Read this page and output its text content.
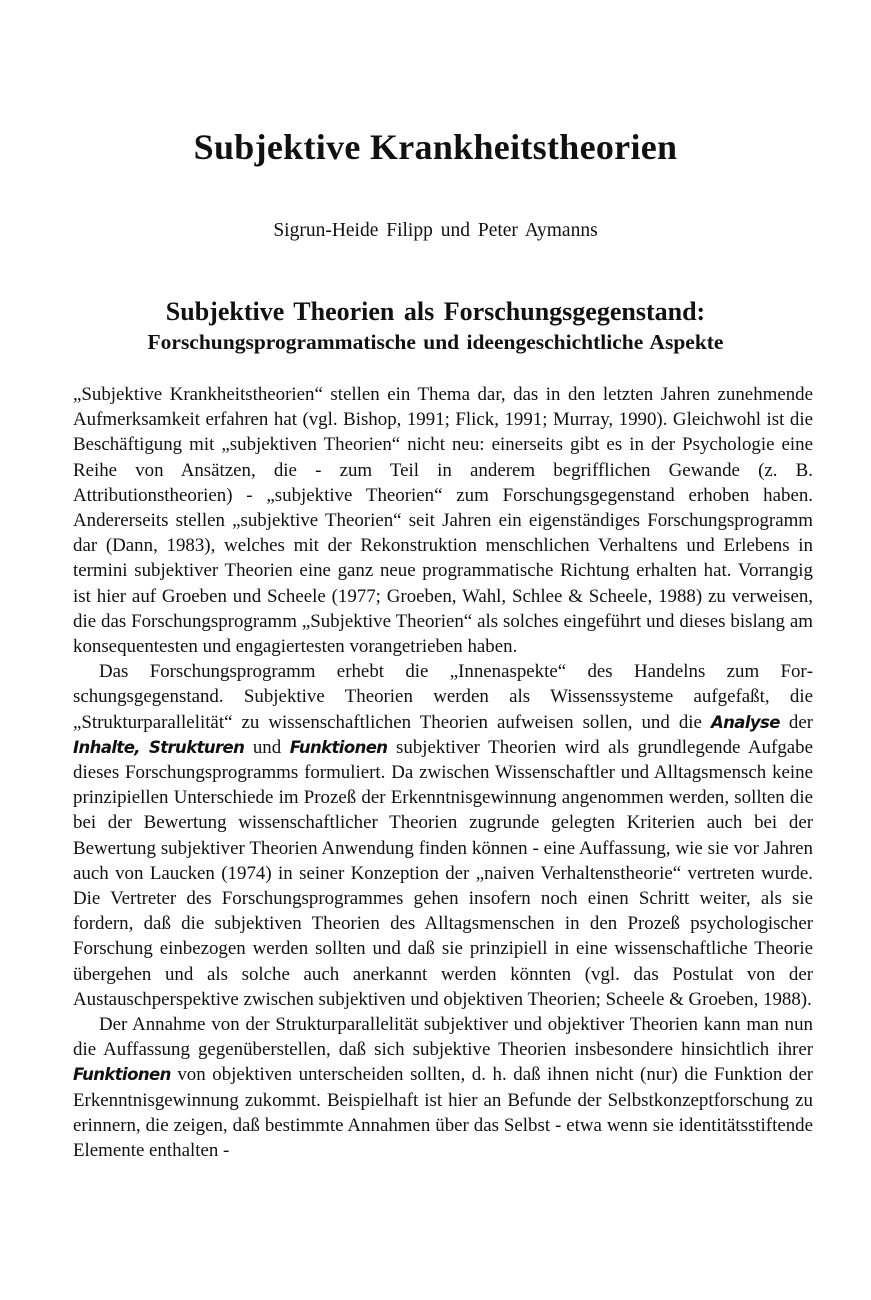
Subjektive Krankheitstheorien
Sigrun-Heide Filipp und Peter Aymanns
Subjektive Theorien als Forschungsgegenstand:
Forschungsprogrammatische und ideengeschichtliche Aspekte

„Subjektive Krankheitstheorien“ stellen ein Thema dar, das in den letzten Jahren zunehmende Aufmerksamkeit erfahren hat (vgl. Bishop, 1991; Flick, 1991; Murray, 1990). Gleichwohl ist die Beschäftigung mit „subjektiven Theorien“ nicht neu: einerseits gibt es in der Psychologie eine Reihe von Ansätzen, die - zum Teil in anderem begrifflichen Gewande (z. B. Attributionstheorien) - „subjektive Theorien“ zum Forschungsgegenstand erhoben haben. Andererseits stellen „subjektive Theorien“ seit Jahren ein eigenständiges Forschungsprogramm dar (Dann, 1983), welches mit der Rekonstruktion menschlichen Verhaltens und Erlebens in termini subjektiver Theorien eine ganz neue programmatische Richtung erhalten hat. Vorrangig ist hier auf Groeben und Scheele (1977; Groeben, Wahl, Schlee & Scheele, 1988) zu verweisen, die das Forschungsprogramm „Subjektive Theorien“ als solches eingeführt und dieses bislang am konsequentesten und engagiertesten vorangetrieben haben.

Das Forschungsprogramm erhebt die „Innenaspekte“ des Handelns zum Forschungsgegenstand. Subjektive Theorien werden als Wissenssysteme aufgefaßt, die „Strukturparallelität“ zu wissenschaftlichen Theorien aufweisen sollen, und die Analyse der Inhalte, Strukturen und Funktionen subjektiver Theorien wird als grundlegende Aufgabe dieses Forschungsprogramms formuliert. Da zwischen Wissenschaftler und Alltagsmensch keine prinzipiellen Unterschiede im Prozeß der Erkenntnisgewinnung angenommen werden, sollten die bei der Bewertung wissenschaftlicher Theorien zugrunde gelegten Kriterien auch bei der Bewertung subjektiver Theorien Anwendung finden können - eine Auffassung, wie sie vor Jahren auch von Laucken (1974) in seiner Konzeption der „naiven Verhaltenstheorie“ vertreten wurde. Die Vertreter des Forschungsprogrammes gehen insofern noch einen Schritt weiter, als sie fordern, daß die subjektiven Theorien des Alltagsmenschen in den Prozeß psychologischer Forschung einbezogen werden sollten und daß sie prinzipiell in eine wissenschaftliche Theorie übergehen und als solche auch anerkannt werden könnten (vgl. das Postulat von der Austauschperspektive zwischen subjektiven und objektiven Theorien; Scheele & Groeben, 1988).

Der Annahme von der Strukturparallelität subjektiver und objektiver Theorien kann man nun die Auffassung gegenüberstellen, daß sich subjektive Theorien insbesondere hinsichtlich ihrer Funktionen von objektiven unterscheiden sollten, d. h. daß ihnen nicht (nur) die Funktion der Erkenntnisgewinnung zukommt. Beispielhaft ist hier an Befunde der Selbstkonzeptforschung zu erinnern, die zeigen, daß bestimmte Annahmen über das Selbst - etwa wenn sie identitätsstiftende Elemente enthalten -
